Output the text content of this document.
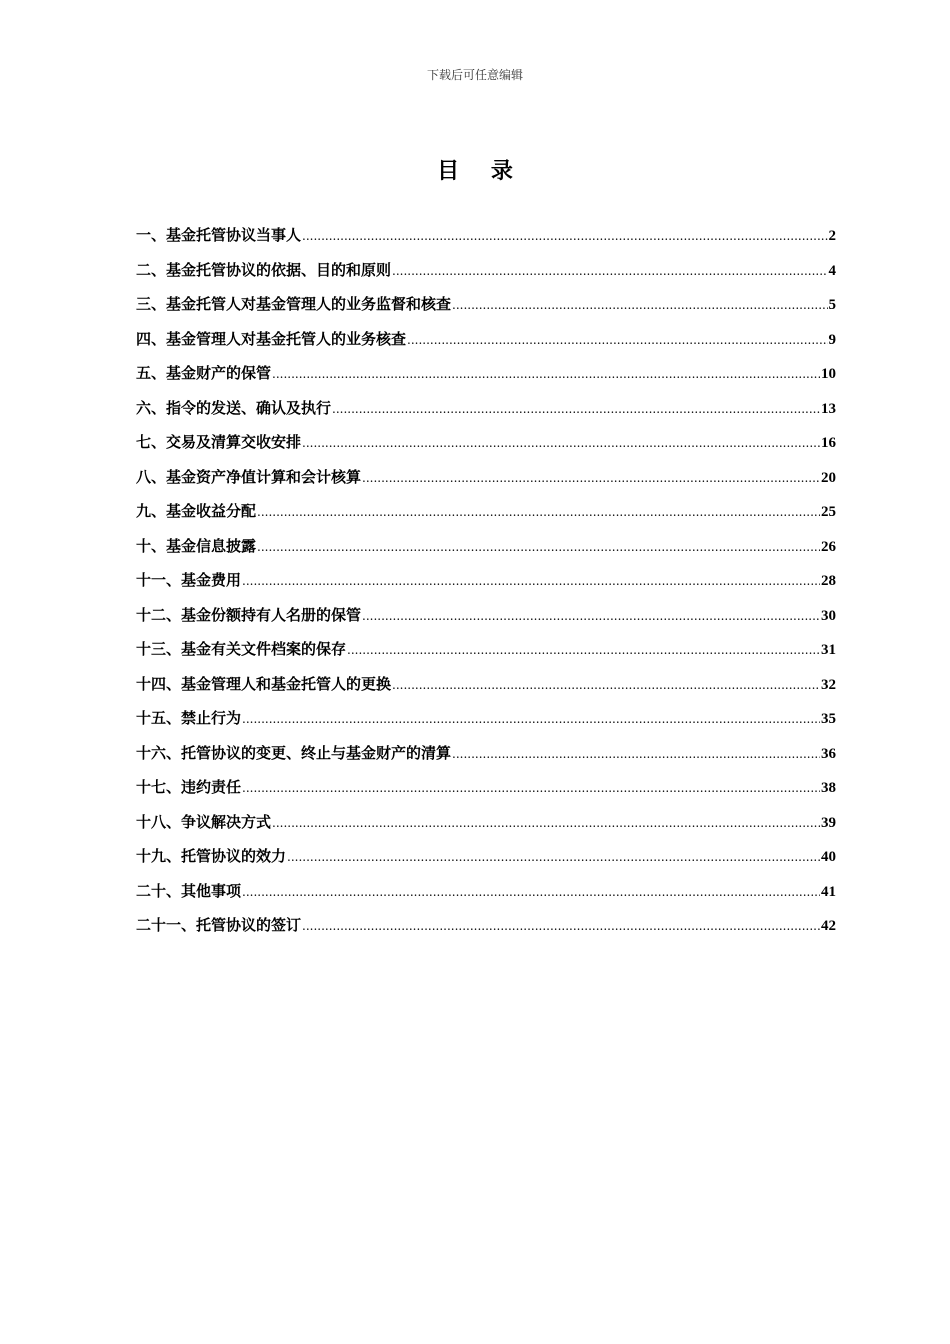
下载后可任意编辑
目 录
一、基金托管协议当事人 .....	2
二、基金托管协议的依据、目的和原则 .....	4
三、基金托管人对基金管理人的业务监督和核查 .....	5
四、基金管理人对基金托管人的业务核查 .....	9
五、基金财产的保管 .....	10
六、指令的发送、确认及执行 .....	13
七、交易及清算交收安排 .....	16
八、基金资产净值计算和会计核算 .....	20
九、基金收益分配 .....	25
十、基金信息披露 .....	26
十一、基金费用 .....	28
十二、基金份额持有人名册的保管 .....	30
十三、基金有关文件档案的保存 .....	31
十四、基金管理人和基金托管人的更换 .....	32
十五、禁止行为 .....	35
十六、托管协议的变更、终止与基金财产的清算 .....	36
十七、违约责任 .....	38
十八、争议解决方式 .....	39
十九、托管协议的效力 .....	40
二十、其他事项 .....	41
二十一、托管协议的签订 .....	42
